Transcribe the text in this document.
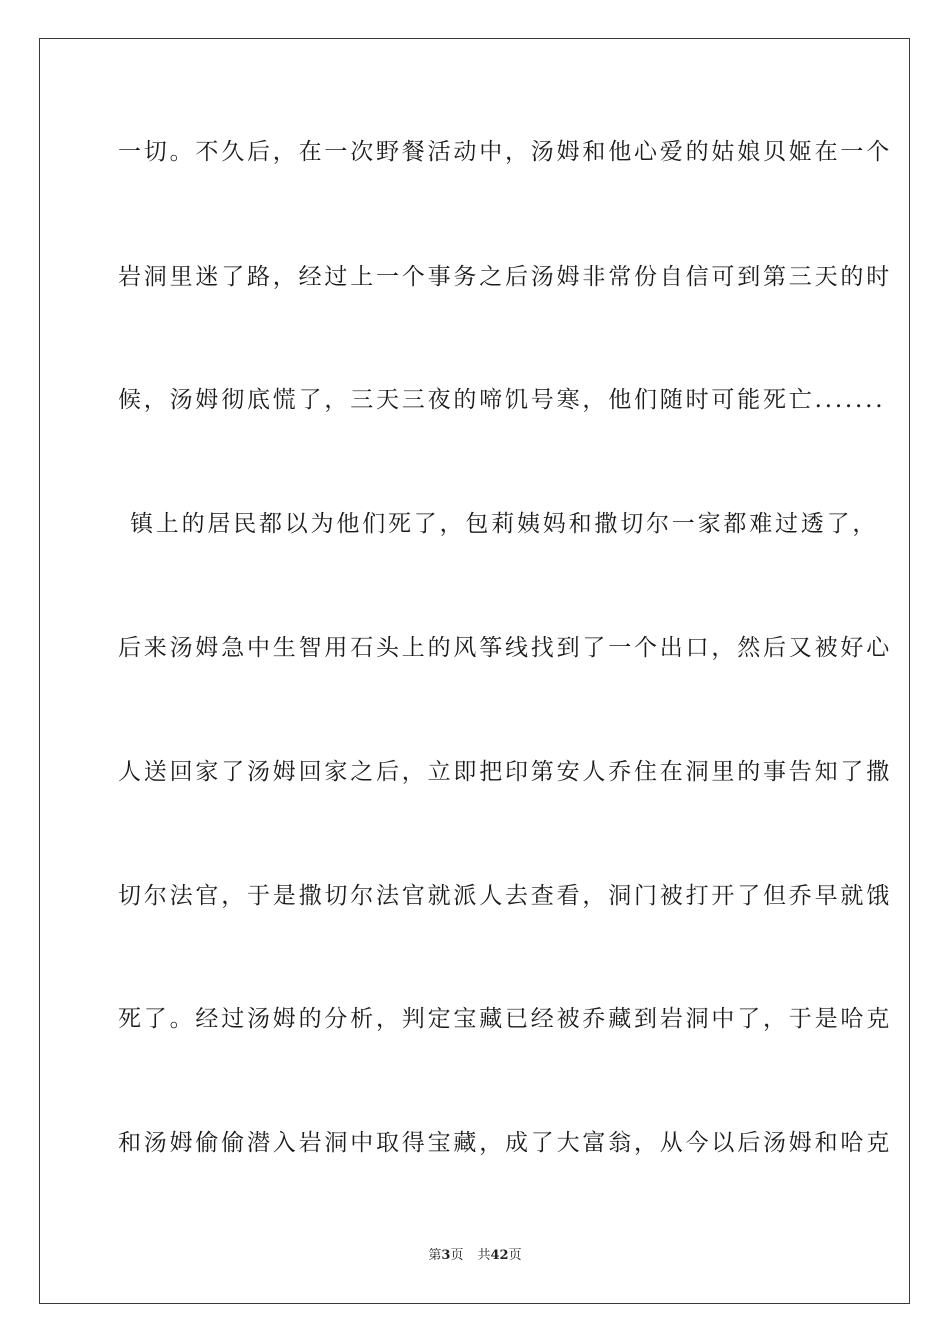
一切。不久后，在一次野餐活动中，汤姆和他心爱的姑娘贝姬在一个
岩洞里迷了路，经过上一个事务之后汤姆非常份自信可到第三天的时
候，汤姆彻底慌了，三天三夜的啼饥号寒，他们随时可能死亡.......
镇上的居民都以为他们死了，包莉姨妈和撒切尔一家都难过透了，
后来汤姆急中生智用石头上的风筝线找到了一个出口，然后又被好心
人送回家了汤姆回家之后，立即把印第安人乔住在洞里的事告知了撒
切尔法官，于是撒切尔法官就派人去查看，洞门被打开了但乔早就饿
死了。经过汤姆的分析，判定宝藏已经被乔藏到岩洞中了，于是哈克
和汤姆偷偷潜入岩洞中取得宝藏，成了大富翁，从今以后汤姆和哈克
第3页 共42页
